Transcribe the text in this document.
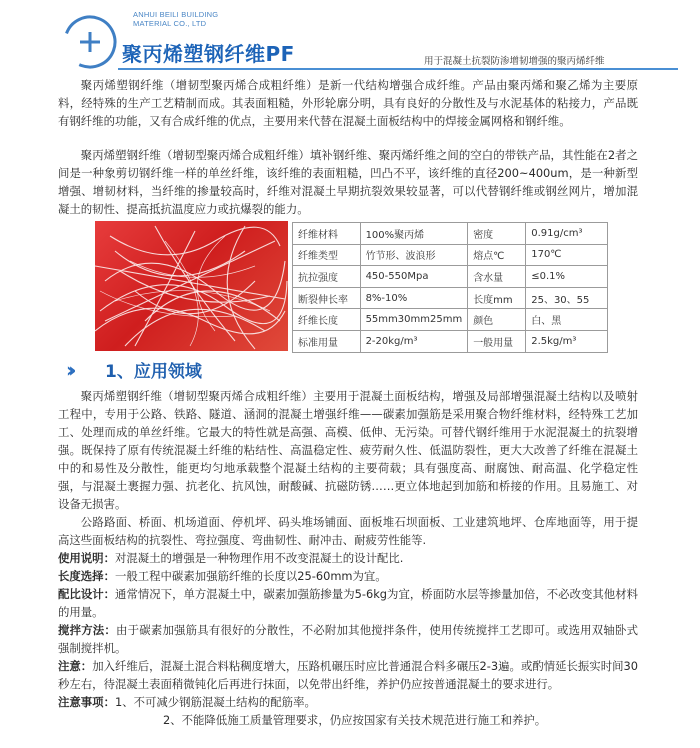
ANHUI BEILI BUILDING
MATERIAL CO., LTD
聚丙烯塑钢纤维PF	用于混凝土抗裂防渗增韧增强的聚丙烯纤维

聚丙烯塑钢纤维（增韧型聚丙烯合成粗纤维）是新一代结构增强合成纤维。产品由聚丙烯和聚乙烯为主要原料，经特殊的生产工艺精制而成。其表面粗糙，外形轮廓分明，具有良好的分散性及与水泥基体的粘接力，产品既有钢纤维的功能，又有合成纤维的优点，主要用来代替在混凝土面板结构中的焊接金属网格和钢纤维。

聚丙烯塑钢纤维（增韧型聚丙烯合成粗纤维）填补钢纤维、聚丙烯纤维之间的空白的带铁产品，其性能在2者之间是一种象剪切钢纤维一样的单丝纤维，该纤维的表面粗糙，凹凸不平，该纤维的直径200~400um，是一种新型增强、增韧材料，当纤维的掺量较高时，纤维对混凝土早期抗裂效果较显著，可以代替钢纤维或钢丝网片，增加混凝土的韧性、提高抵抗温度应力或抗爆裂的能力。

纤维材料	100%聚丙烯	密度	0.91g/cm³
纤维类型	竹节形、波浪形	熔点℃	170℃
抗拉强度	450-550Mpa	含水量	≤0.1%
断裂伸长率	8%-10%	长度mm	25、30、55
纤维长度	55mm30mm25mm	颜色	白、黑
标准用量	2-20kg/m³	一般用量	2.5kg/m³
›› 1、应用领域

聚丙烯塑钢纤维（增韧型聚丙烯合成粗纤维）主要用于混凝土面板结构，增强及局部增强混凝土结构以及喷射工程中，专用于公路、铁路、隧道、涵洞的混凝土增强纤维——碳素加强筋是采用聚合物纤维材料，经特殊工艺加工、处理而成的单丝纤维。它最大的特性就是高强、高模、低伸、无污染。可替代钢纤维用于水泥混凝土的抗裂增强。既保持了原有传统混凝土纤维的粘结性、高温稳定性、疲劳耐久性、低温防裂性，更大大改善了纤维在混凝土中的和易性及分散性，能更均匀地承载整个混凝土结构的主要荷载；具有强度高、耐腐蚀、耐高温、化学稳定性强，与混凝土裹握力强、抗老化、抗风蚀，耐酸碱、抗磁防锈……更立体地起到加筋和桥接的作用。且易施工、对设备无损害。

公路路面、桥面、机场道面、停机坪、码头堆场铺面、面板堆石坝面板、工业建筑地坪、仓库地面等，用于提高这些面板结构的抗裂性、弯拉强度、弯曲韧性、耐冲击、耐疲劳性能等.

使用说明：对混凝土的增强是一种物理作用不改变混凝土的设计配比.

长度选择：一般工程中碳素加强筋纤维的长度以25-60mm为宜。

配比设计：通常情况下，单方混凝土中，碳素加强筋掺量为5-6kg为宜，桥面防水层等掺量加倍，不必改变其他材料的用量。

搅拌方法：由于碳素加强筋具有很好的分散性，不必附加其他搅拌条件，使用传统搅拌工艺即可。或选用双轴卧式强制搅拌机。

注意：加入纤维后，混凝土混合料粘稠度增大，压路机碾压时应比普通混合料多碾压2-3遍。或酌情延长振实时间30秒左右，待混凝土表面稍微钝化后再进行抹面，以免带出纤维，养护仍应按普通混凝土的要求进行。

注意事项：1、不可减少钢筋混凝土结构的配筋率。

2、不能降低施工质量管理要求，仍应按国家有关技术规范进行施工和养护。
